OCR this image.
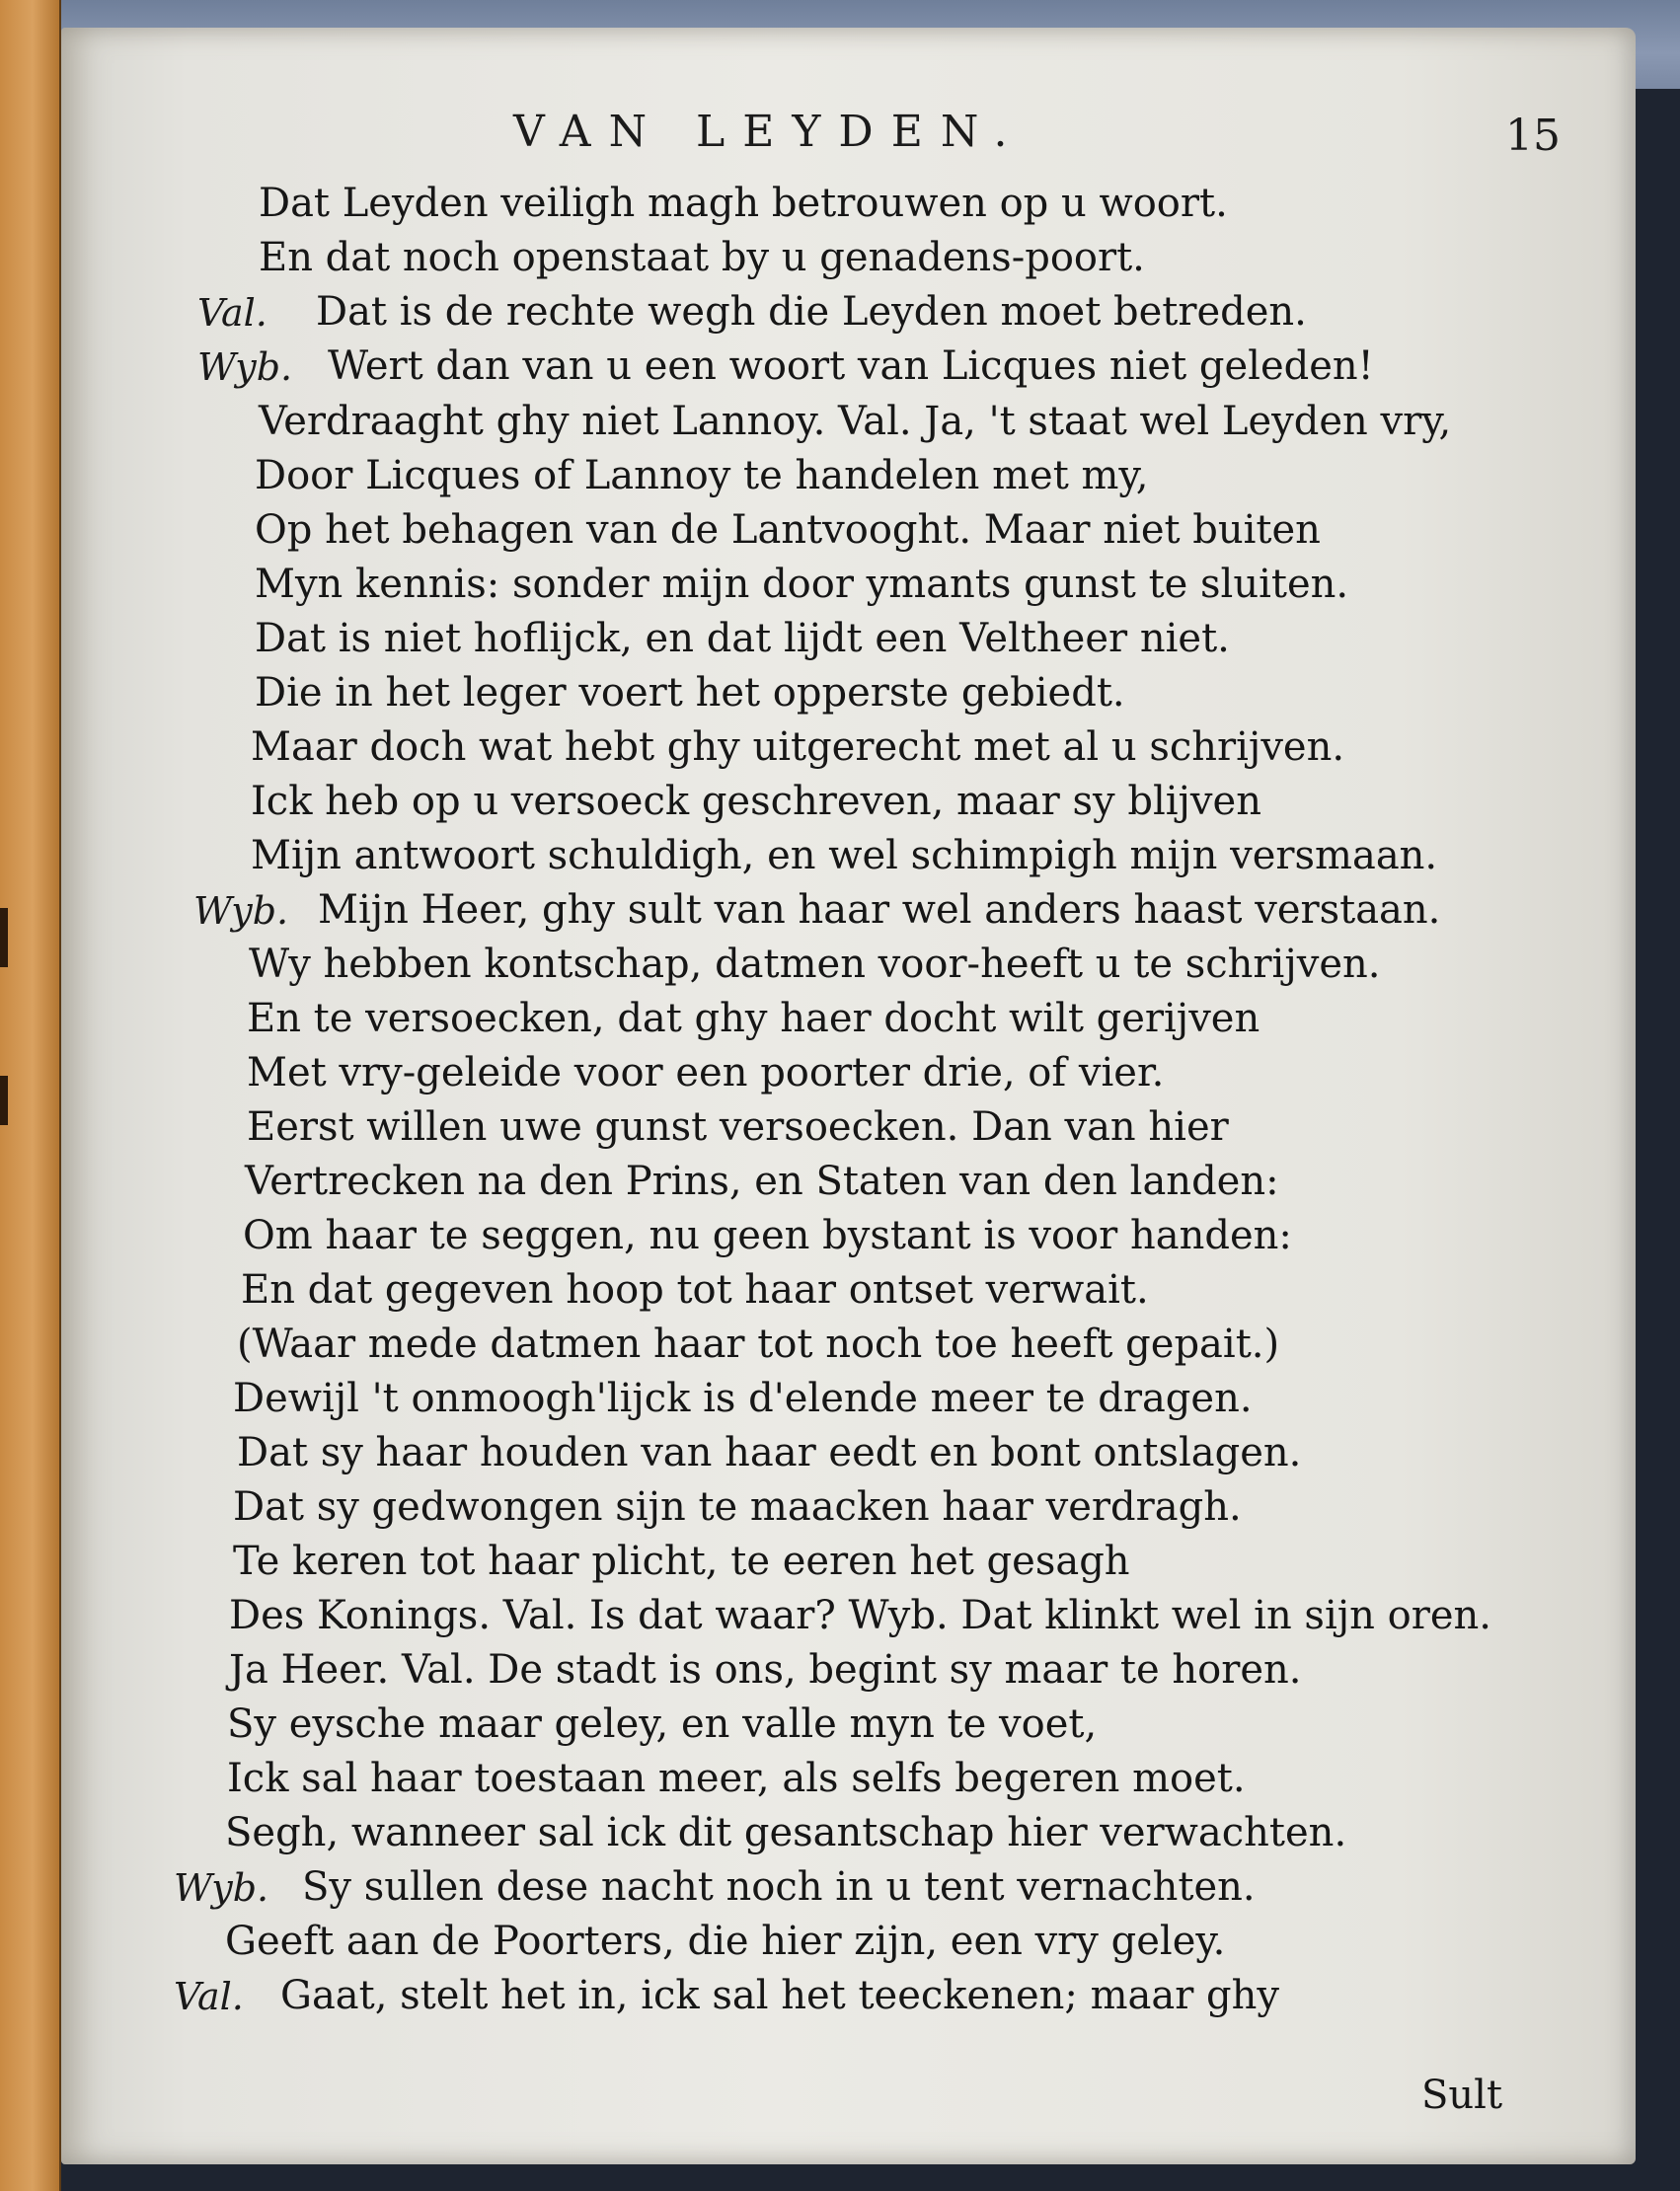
VAN LEYDEN.	15
Dat Leyden veiligh magh betrouwen op u woort.
En dat noch openstaat by u genadens-poort.
Val. Dat is de rechte wegh die Leyden moet betreden.
Wyb. Wert dan van u een woort van Licques niet geleden!
Verdraaght ghy niet Lannoy. Val. Ja, 't staat wel Leyden vry,
Door Licques of Lannoy te handelen met my,
Op het behagen van de Lantvooght. Maar niet buiten
Myn kennis: sonder mijn door ymants gunst te sluiten.
Dat is niet hoflijck, en dat lijdt een Veltheer niet.
Die in het leger voert het opperste gebiedt.
Maar doch wat hebt ghy uitgerecht met al u schrijven.
Ick heb op u versoeck geschreven, maar sy blijven
Mijn antwoort schuldigh, en wel schimpigh mijn versmaan.
Wyb. Mijn Heer, ghy sult van haar wel anders haast verstaan.
Wy hebben kontschap, datmen voor-heeft u te schrijven.
En te versoecken, dat ghy haer docht wilt gerijven
Met vry-geleide voor een poorter drie, of vier.
Eerst willen uwe gunst versoecken. Dan van hier
Vertrecken na den Prins, en Staten van den landen:
Om haar te seggen, nu geen bystant is voor handen:
En dat gegeven hoop tot haar ontset verwait.
(Waar mede datmen haar tot noch toe heeft gepait.)
Dewijl 't onmoogh'lijck is d'elende meer te dragen.
Dat sy haar houden van haar eedt en bont ontslagen.
Dat sy gedwongen sijn te maacken haar verdragh.
Te keren tot haar plicht, te eeren het gesagh
Des Konings. Val. Is dat waar? Wyb. Dat klinkt wel in sijn oren.
Ja Heer. Val. De stadt is ons, begint sy maar te horen.
Sy eysche maar geley, en valle myn te voet,
Ick sal haar toestaan meer, als selfs begeren moet.
Segh, wanneer sal ick dit gesantschap hier verwachten.
Wyb. Sy sullen dese nacht noch in u tent vernachten.
Geeft aan de Poorters, die hier zijn, een vry geley.
Val. Gaat, stelt het in, ick sal het teeckenen; maar ghy
Sult
